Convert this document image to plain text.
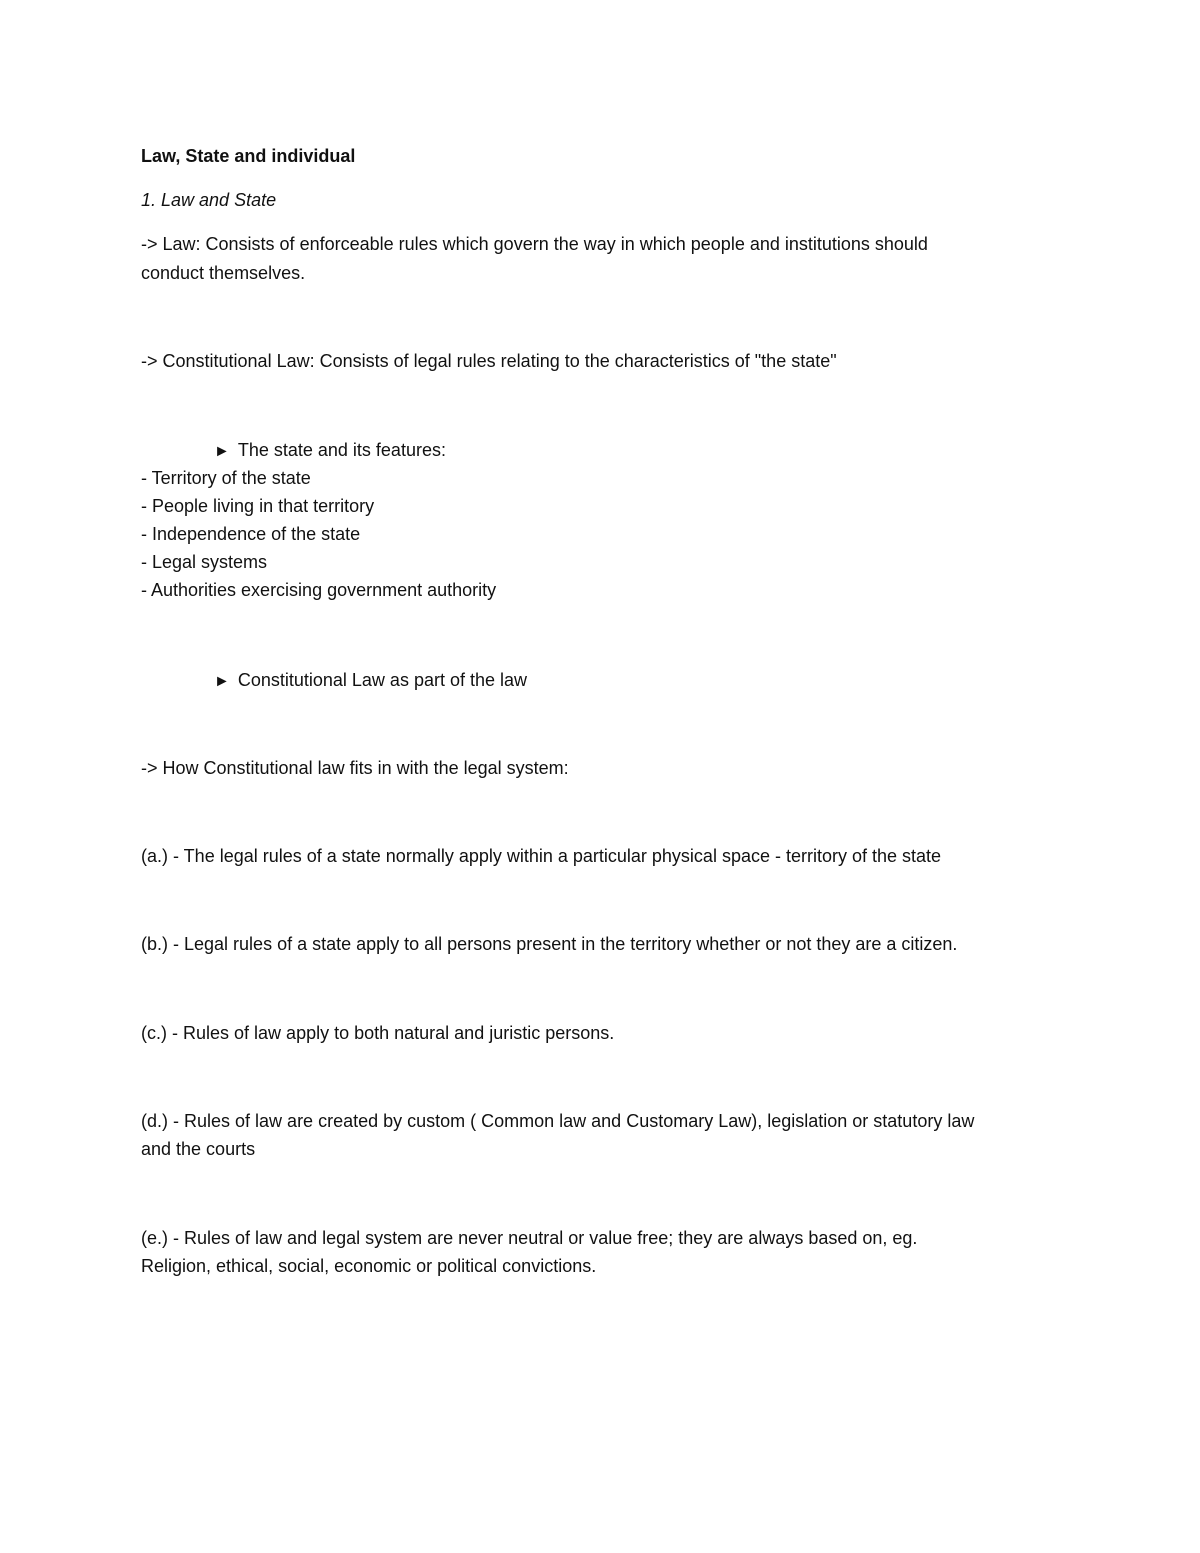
Law, State and individual
1. Law and State
-> Law: Consists of enforceable rules which govern the way in which people and institutions should
conduct themselves.
-> Constitutional Law: Consists of legal rules relating to the characteristics of "the state"
► The state and its features:
- Territory of the state
- People living in that territory
- Independence of the state
- Legal systems
- Authorities exercising government authority
► Constitutional Law as part of the law
-> How Constitutional law fits in with the legal system:
(a.) - The legal rules of a state normally apply within a particular physical space - territory of the state
(b.) - Legal rules of a state apply to all persons present in the territory whether or not they are a citizen.
(c.) - Rules of law apply to both natural and juristic persons.
(d.) - Rules of law are created by custom ( Common law and Customary Law), legislation or statutory law
and the courts
(e.) - Rules of law and legal system are never neutral or value free; they are always based on, eg.
Religion, ethical, social, economic or political convictions.
